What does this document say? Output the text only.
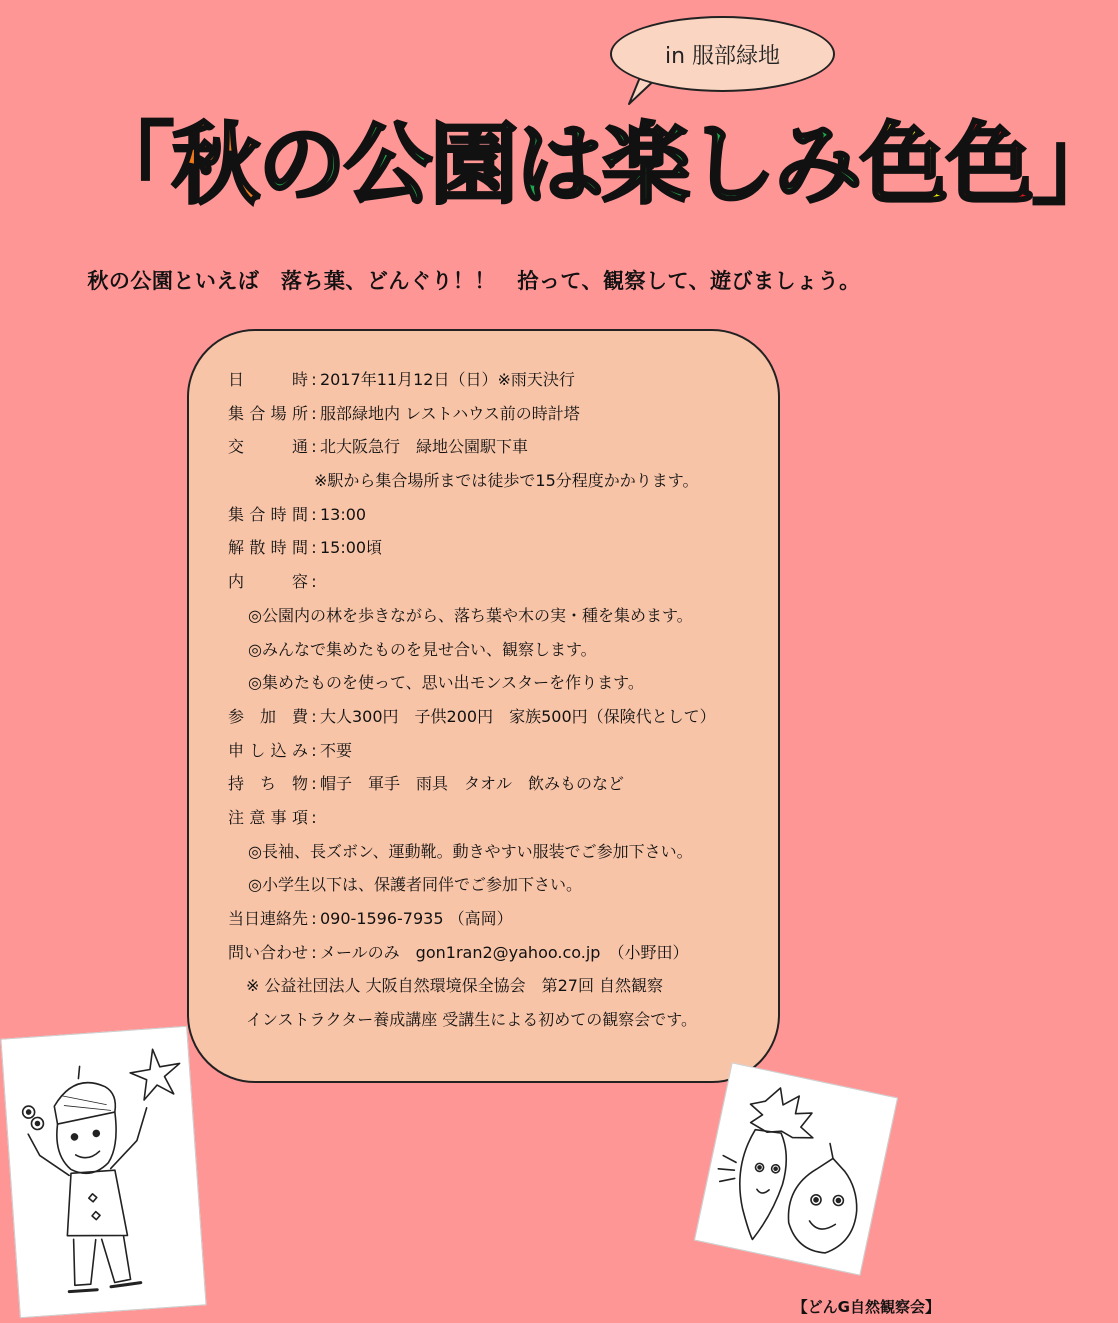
in 服部緑地
「 秋 の 公 園 は 楽 し み 色 色 」
秋の公園といえば　落ち葉、どんぐり！！　拾って、観察して、遊びましょう。
日時 : 2017年11月12日（日）※雨天決行
集合場所 : 服部緑地内 レストハウス前の時計塔
交通 : 北大阪急行　緑地公園駅下車
※駅から集合場所までは徒歩で15分程度かかります。
集合時間 : 13:00
解散時間 : 15:00頃
内容 :
◎公園内の林を歩きながら、落ち葉や木の実・種を集めます。
◎みんなで集めたものを見せ合い、観察します。
◎集めたものを使って、思い出モンスターを作ります。
参加費 : 大人300円　子供200円　家族500円（保険代として）
申し込み : 不要
持ち物 : 帽子　軍手　雨具　タオル　飲みものなど
注意事項 :
◎長袖、長ズボン、運動靴。動きやすい服装でご参加下さい。
◎小学生以下は、保護者同伴でご参加下さい。
当日連絡先 : 090-1596-7935 （高岡）
問い合わせ : メールのみ　gon1ran2@yahoo.co.jp　（小野田）
※ 公益社団法人 大阪自然環境保全協会　第27回 自然観察
インストラクター養成講座 受講生による初めての観察会です。
【どんG自然観察会】
